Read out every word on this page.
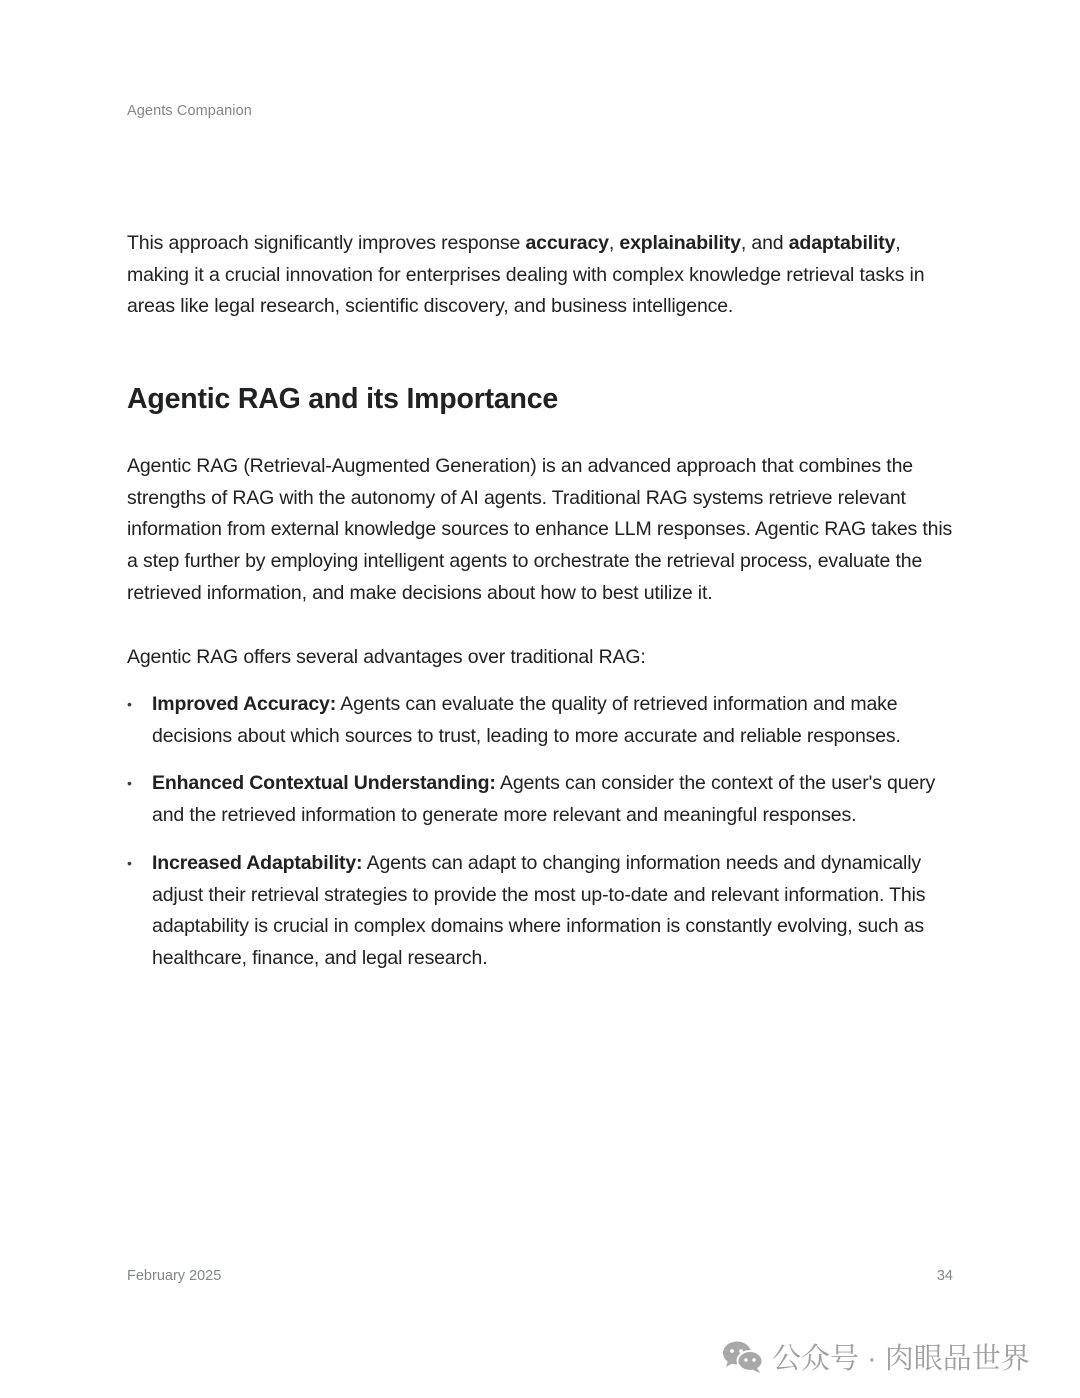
Agents Companion

This approach significantly improves response accuracy, explainability, and adaptability, making it a crucial innovation for enterprises dealing with complex knowledge retrieval tasks in areas like legal research, scientific discovery, and business intelligence.

Agentic RAG and its Importance

Agentic RAG (Retrieval-Augmented Generation) is an advanced approach that combines the strengths of RAG with the autonomy of AI agents. Traditional RAG systems retrieve relevant information from external knowledge sources to enhance LLM responses. Agentic RAG takes this a step further by employing intelligent agents to orchestrate the retrieval process, evaluate the retrieved information, and make decisions about how to best utilize it.

Agentic RAG offers several advantages over traditional RAG:

• Improved Accuracy: Agents can evaluate the quality of retrieved information and make decisions about which sources to trust, leading to more accurate and reliable responses.
• Enhanced Contextual Understanding: Agents can consider the context of the user's query and the retrieved information to generate more relevant and meaningful responses.
• Increased Adaptability: Agents can adapt to changing information needs and dynamically adjust their retrieval strategies to provide the most up-to-date and relevant information. This adaptability is crucial in complex domains where information is constantly evolving, such as healthcare, finance, and legal research.
February 2025	34
公众号 · 肉眼品世界
